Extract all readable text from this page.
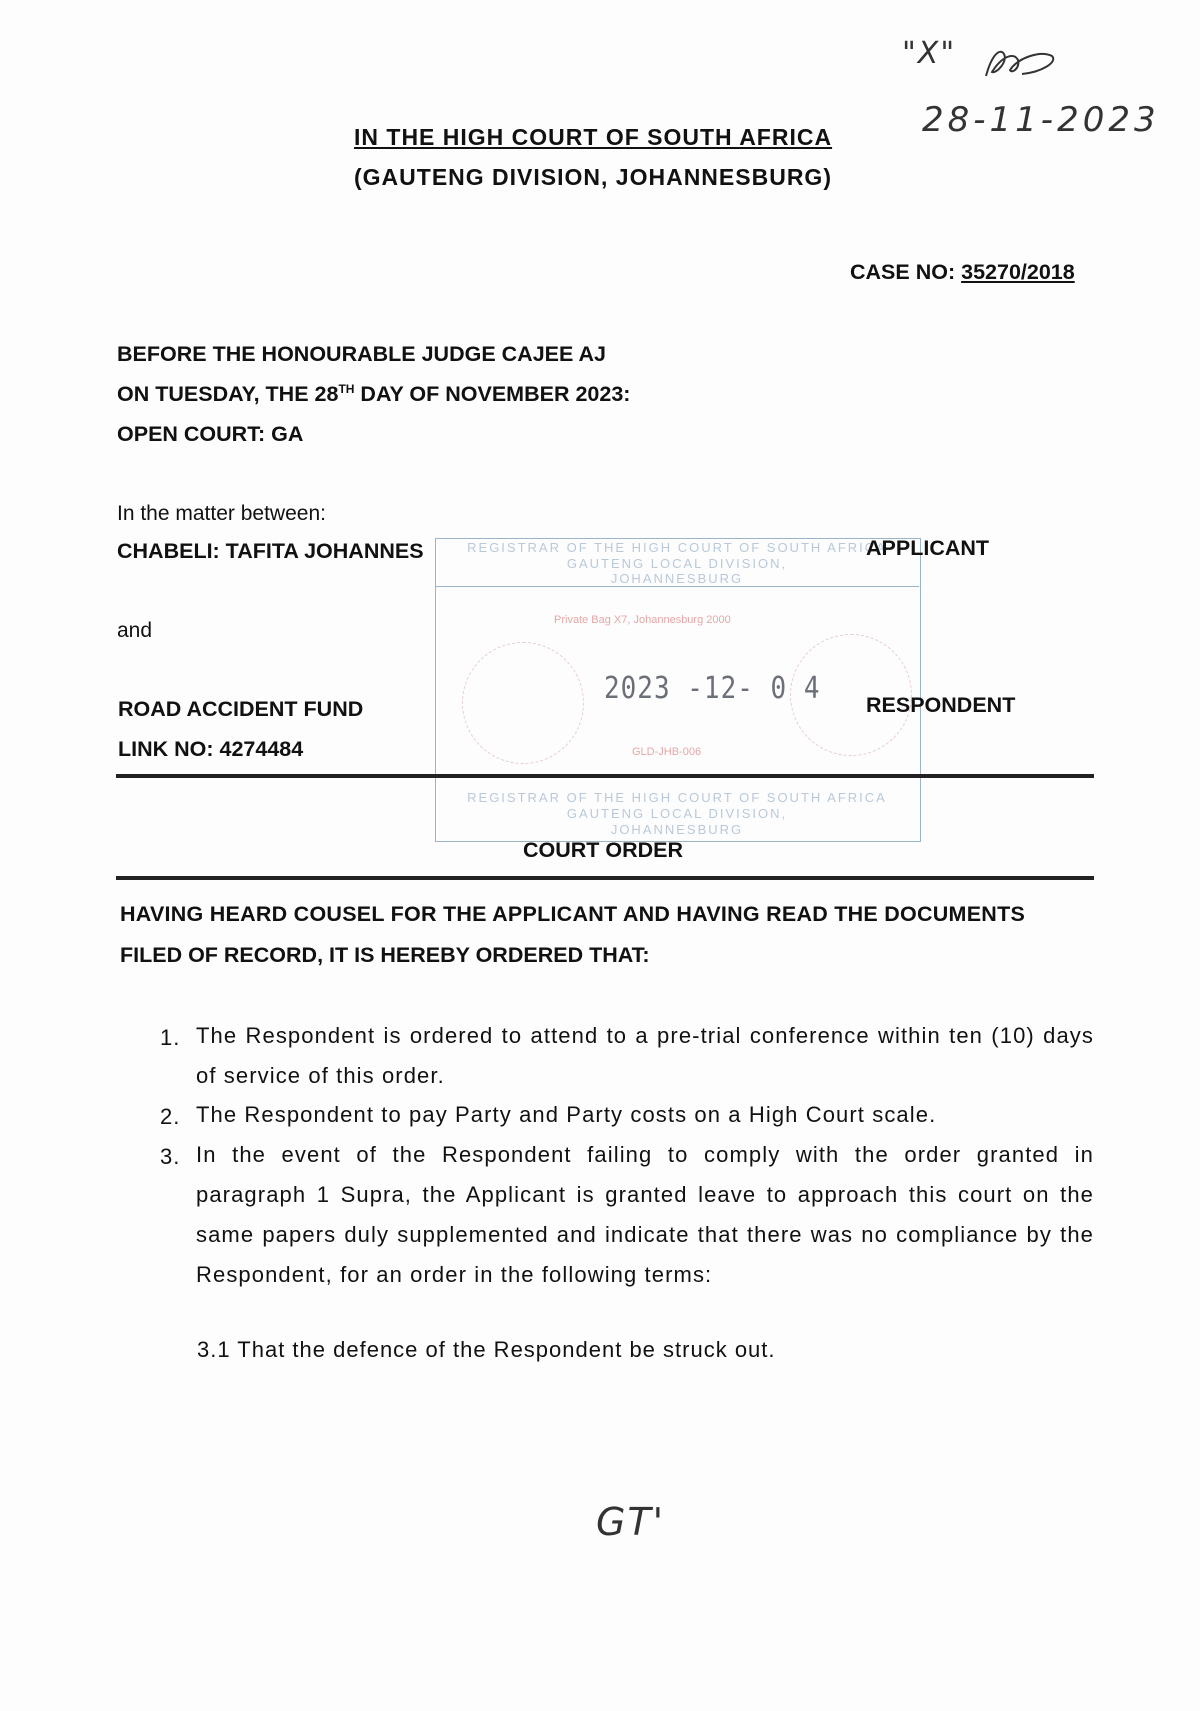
"X"
28-11-2023
IN THE HIGH COURT OF SOUTH AFRICA
(GAUTENG DIVISION, JOHANNESBURG)
CASE NO: 35270/2018
BEFORE THE HONOURABLE JUDGE CAJEE AJ
ON TUESDAY, THE 28TH DAY OF NOVEMBER 2023:
OPEN COURT: GA
REGISTRAR OF THE HIGH COURT OF SOUTH AFRICA
GAUTENG LOCAL DIVISION,
JOHANNESBURG
Private Bag X7, Johannesburg 2000
2023 -12- 0 4
GLD-JHB-006
REGISTRAR OF THE HIGH COURT OF SOUTH AFRICA
GAUTENG LOCAL DIVISION,
JOHANNESBURG
In the matter between:
CHABELI: TAFITA JOHANNES	APPLICANT
and
ROAD ACCIDENT FUND	RESPONDENT
LINK NO: 4274484
COURT ORDER
HAVING HEARD COUSEL FOR THE APPLICANT AND HAVING READ THE DOCUMENTS
FILED OF RECORD, IT IS HEREBY ORDERED THAT:
1. The Respondent is ordered to attend to a pre-trial conference within ten (10) days of service of this order.
2. The Respondent to pay Party and Party costs on a High Court scale.
3. In the event of the Respondent failing to comply with the order granted in paragraph 1 Supra, the Applicant is granted leave to approach this court on the same papers duly supplemented and indicate that there was no compliance by the Respondent, for an order in the following terms:
3.1 That the defence of the Respondent be struck out.
GT'
